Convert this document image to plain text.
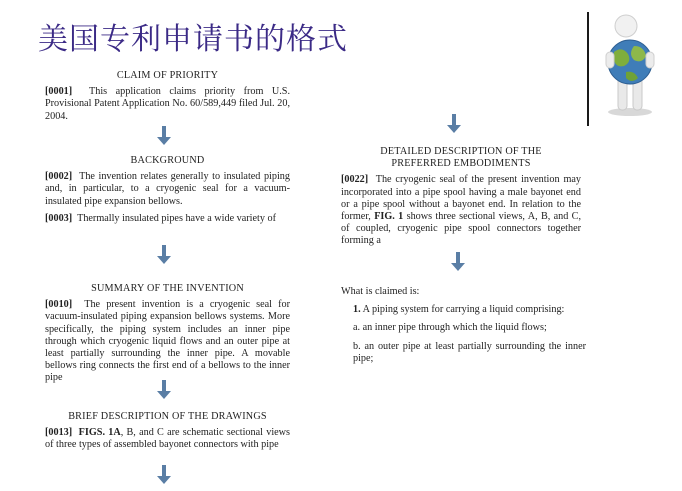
美国专利申请书的格式
CLAIM OF PRIORITY

[0001] This application claims priority from U.S. Provisional Patent Application No. 60/589,449 filed Jul. 20, 2004.

BACKGROUND

[0002] The invention relates generally to insulated piping and, in particular, to a cryogenic seal for a vacuum-insulated pipe expansion bellows.

[0003] Thermally insulated pipes have a wide variety of

SUMMARY OF THE INVENTION

[0010] The present invention is a cryogenic seal for vacuum-insulated piping expansion bellows systems. More specifically, the piping system includes an inner pipe through which cryogenic liquid flows and an outer pipe at least partially surrounding the inner pipe. A movable bellows ring connects the first end of a bellows to the inner pipe

BRIEF DESCRIPTION OF THE DRAWINGS

[0013] FIGS. 1A, B, and C are schematic sectional views of three types of assembled bayonet connectors with pipe

DETAILED DESCRIPTION OF THE
PREFERRED EMBODIMENTS

[0022] The cryogenic seal of the present invention may incorporated into a pipe spool having a male bayonet end or a pipe spool without a bayonet end. In relation to the former, FIG. 1 shows three sectional views, A, B, and C, of coupled, cryogenic pipe spool connectors together forming a

What is claimed is:

1. A piping system for carrying a liquid comprising:

a. an inner pipe through which the liquid flows;

b. an outer pipe at least partially surrounding the inner pipe;
